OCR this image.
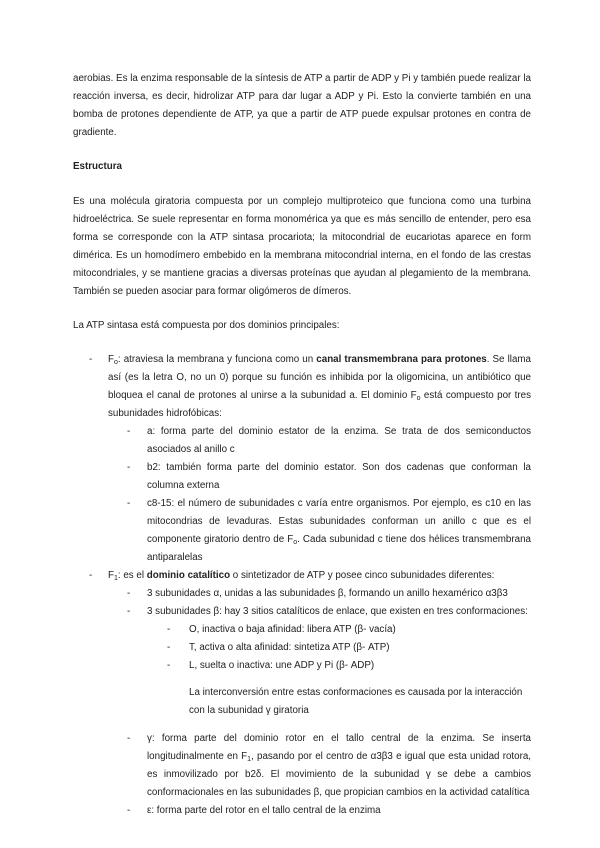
aerobias. Es la enzima responsable de la síntesis de ATP a partir de ADP y Pi y también puede realizar la reacción inversa, es decir, hidrolizar ATP para dar lugar a ADP y Pi. Esto la convierte también en una bomba de protones dependiente de ATP, ya que a partir de ATP puede expulsar protones en contra de gradiente.

Estructura

Es una molécula giratoria compuesta por un complejo multiproteico que funciona como una turbina hidroeléctrica. Se suele representar en forma monomérica ya que es más sencillo de entender, pero esa forma se corresponde con la ATP sintasa procariota; la mitocondrial de eucariotas aparece en form dimérica. Es un homodímero embebido en la membrana mitocondrial interna, en el fondo de las crestas mitocondriales, y se mantiene gracias a diversas proteínas que ayudan al plegamiento de la membrana. También se pueden asociar para formar oligómeros de dímeros.

La ATP sintasa está compuesta por dos dominios principales:

- $F_o$: atraviesa la membrana y funciona como un canal transmembrana para protones. Se llama así (es la letra O, no un 0) porque su función es inhibida por la oligomicina, un antibiótico que bloquea el canal de protones al unirse a la subunidad a. El dominio $F_o$ está compuesto por tres subunidades hidrofóbicas:
- a: forma parte del dominio estator de la enzima. Se trata de dos semiconductos asociados al anillo c
- b2: también forma parte del dominio estator. Son dos cadenas que conforman la columna externa
- c8-15: el número de subunidades c varía entre organismos. Por ejemplo, es c10 en las mitocondrias de levaduras. Estas subunidades conforman un anillo c que es el componente giratorio dentro de $F_o$. Cada subunidad c tiene dos hélices transmembrana antiparalelas
- $F_1$: es el dominio catalítico o sintetizador de ATP y posee cinco subunidades diferentes:
- 3 subunidades α, unidas a las subunidades β, formando un anillo hexamérico α3β3
- 3 subunidades β: hay 3 sitios catalíticos de enlace, que existen en tres conformaciones:
- O, inactiva o baja afinidad: libera ATP (β- vacía)
- T, activa o alta afinidad: sintetiza ATP (β- ATP)
- L, suelta o inactiva: une ADP y Pi (β- ADP)

La interconversión entre estas conformaciones es causada por la interacción con la subunidad γ giratoria

- γ: forma parte del dominio rotor en el tallo central de la enzima. Se inserta longitudinalmente en $F_1$, pasando por el centro de α3β3 e igual que esta unidad rotora, es inmovilizado por b2δ. El movimiento de la subunidad γ se debe a cambios conformacionales en las subunidades β, que propician cambios en la actividad catalítica
- ε: forma parte del rotor en el tallo central de la enzima
